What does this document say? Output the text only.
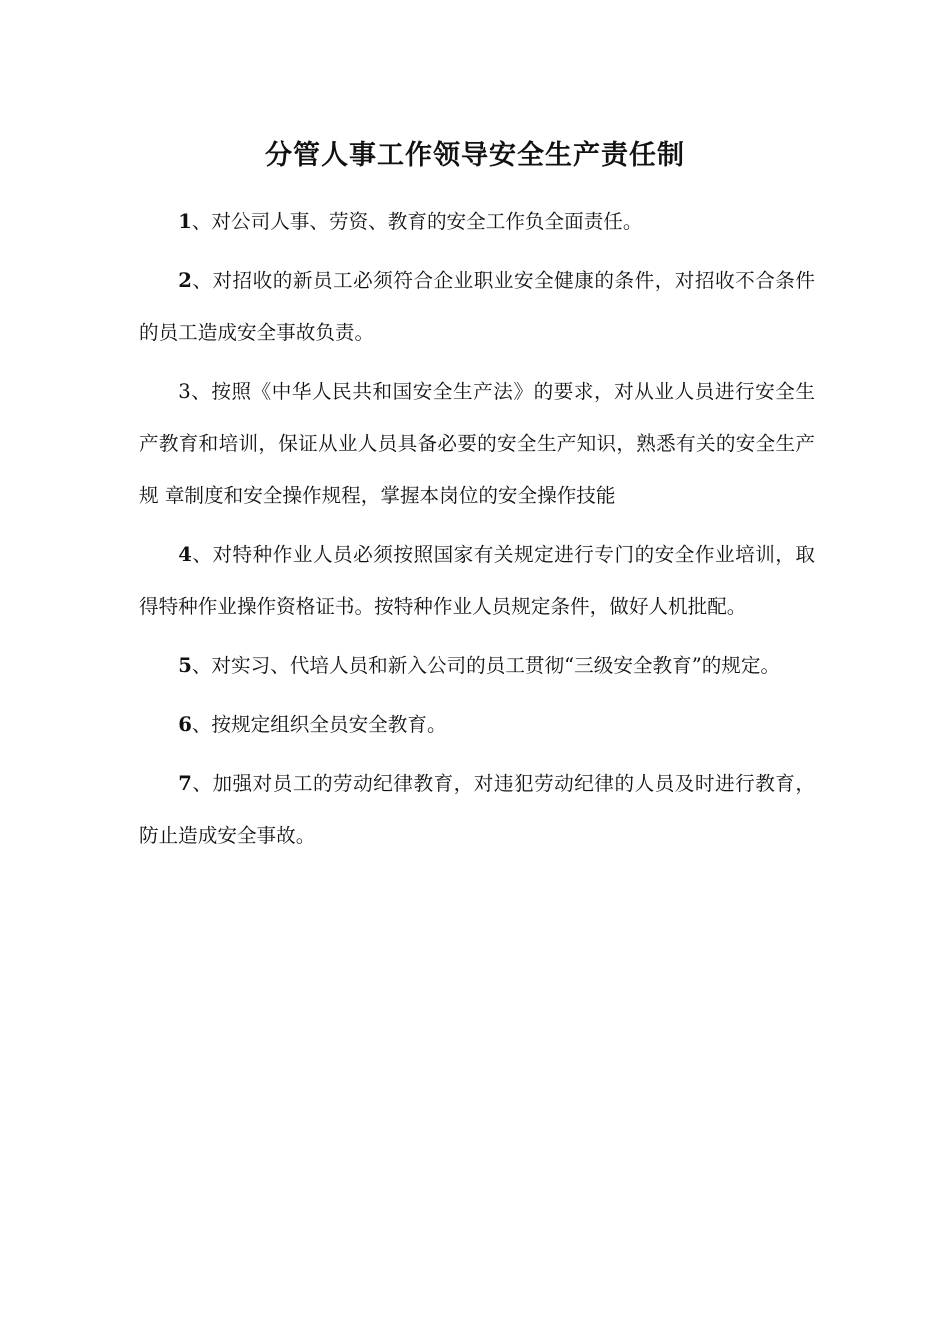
分管人事工作领导安全生产责任制

1、对公司人事、劳资、教育的安全工作负全面责任。

2、对招收的新员工必须符合企业职业安全健康的条件，对招收不合条件 的员工造成安全事故负责。

3、按照《中华人民共和国安全生产法》的要求，对从业人员进行安全生 产教育和培训，保证从业人员具备必要的安全生产知识，熟悉有关的安全生产规 章制度和安全操作规程，掌握本岗位的安全操作技能

4、对特种作业人员必须按照国家有关规定进行专门的安全作业培训，取 得特种作业操作资格证书。按特种作业人员规定条件，做好人机批配。

5、对实习、代培人员和新入公司的员工贯彻“三级安全教育”的规定。

6、按规定组织全员安全教育。

7、加强对员工的劳动纪律教育，对违犯劳动纪律的人员及时进行教育， 防止造成安全事故。
